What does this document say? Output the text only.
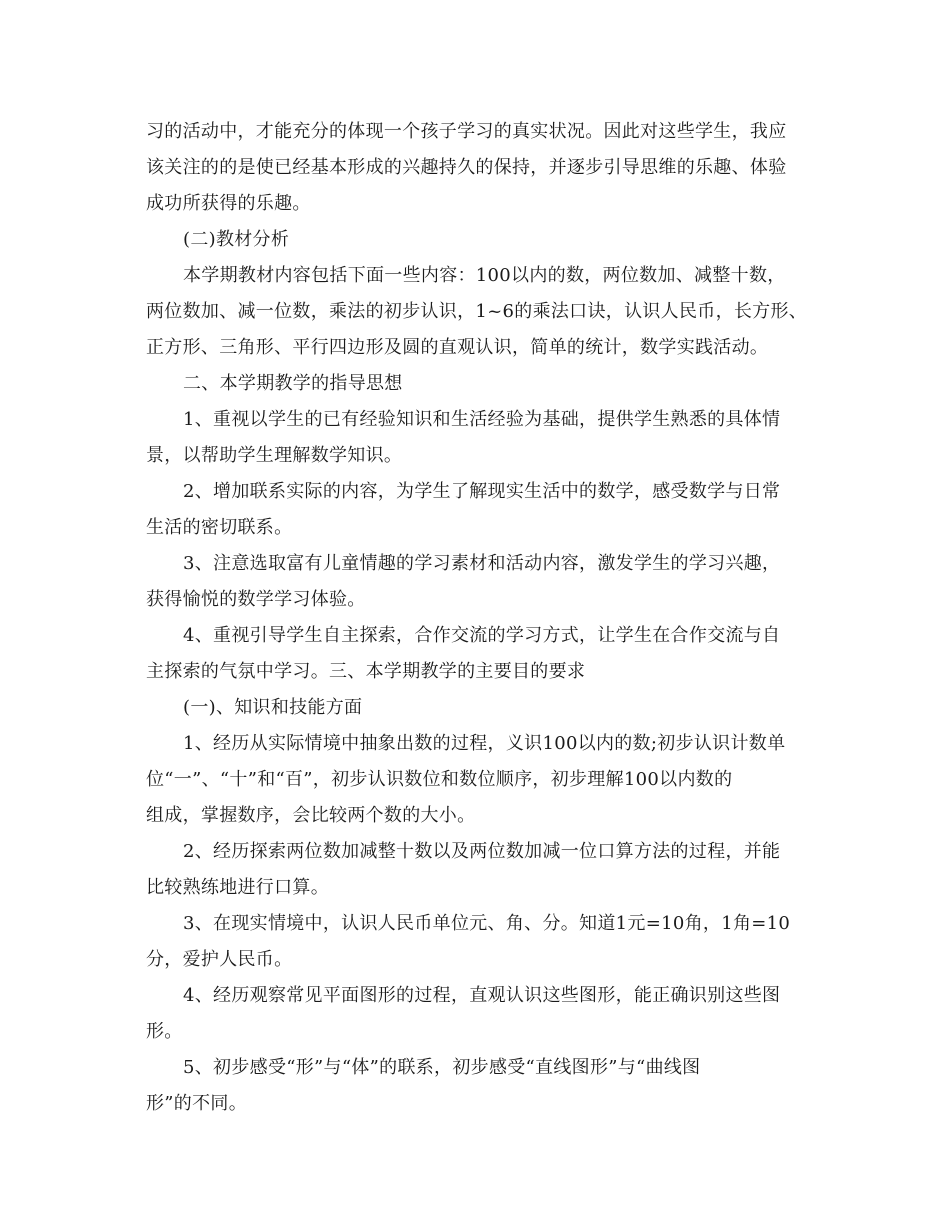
习的活动中，才能充分的体现一个孩子学习的真实状况。因此对这些学生，我应
该关注的的是使已经基本形成的兴趣持久的保持，并逐步引导思维的乐趣、体验
成功所获得的乐趣。
(二)教材分析
本学期教材内容包括下面一些内容：100以内的数，两位数加、减整十数，
两位数加、减一位数，乘法的初步认识，1~6的乘法口诀，认识人民币，长方形、
正方形、三角形、平行四边形及圆的直观认识，简单的统计，数学实践活动。
二、本学期教学的指导思想
1、重视以学生的已有经验知识和生活经验为基础，提供学生熟悉的具体情
景，以帮助学生理解数学知识。
2、增加联系实际的内容，为学生了解现实生活中的数学，感受数学与日常
生活的密切联系。
3、注意选取富有儿童情趣的学习素材和活动内容，激发学生的学习兴趣，
获得愉悦的数学学习体验。
4、重视引导学生自主探索，合作交流的学习方式，让学生在合作交流与自
主探索的气氛中学习。三、本学期教学的主要目的要求
(一)、知识和技能方面
1、经历从实际情境中抽象出数的过程，义识100以内的数;初步认识计数单
位“一”、“十”和“百”，初步认识数位和数位顺序，初步理解100以内数的
组成，掌握数序，会比较两个数的大小。
2、经历探索两位数加减整十数以及两位数加减一位口算方法的过程，并能
比较熟练地进行口算。
3、在现实情境中，认识人民币单位元、角、分。知道1元=10角，1角=10
分，爱护人民币。
4、经历观察常见平面图形的过程，直观认识这些图形，能正确识别这些图
形。
5、初步感受“形”与“体”的联系，初步感受“直线图形”与“曲线图
形”的不同。
